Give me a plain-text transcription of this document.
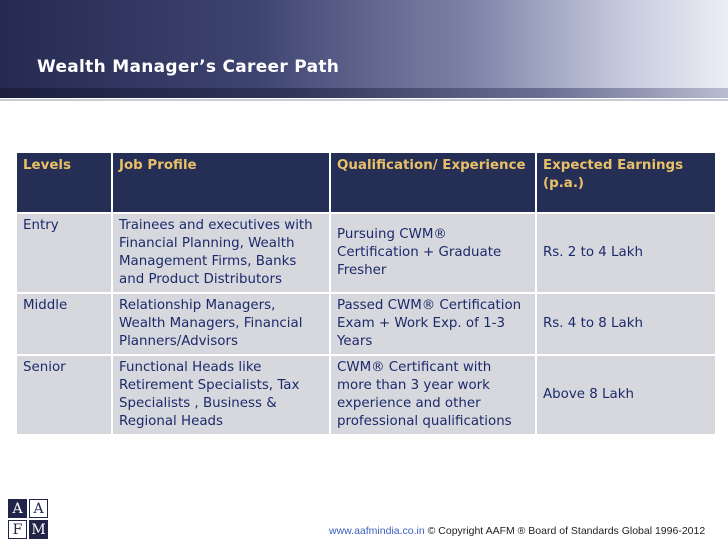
Wealth Manager’s Career Path
Levels	Job Profile	Qualification/ Experience	Expected Earnings (p.a.)
Entry	Trainees and executives with Financial Planning, Wealth Management Firms, Banks and Product Distributors	Pursuing CWM® Certification + Graduate Fresher	Rs. 2 to 4 Lakh
Middle	Relationship Managers, Wealth Managers, Financial Planners/Advisors	Passed CWM® Certification Exam + Work Exp. of 1-3 Years	Rs. 4 to 8 Lakh
Senior	Functional Heads like Retirement Specialists, Tax Specialists , Business & Regional Heads	CWM® Certificant with more than 3 year work experience and other professional qualifications	Above 8 Lakh
A A
F M	www.aafmindia.co.in © Copyright AAFM ® Board of Standards Global 1996-2012
